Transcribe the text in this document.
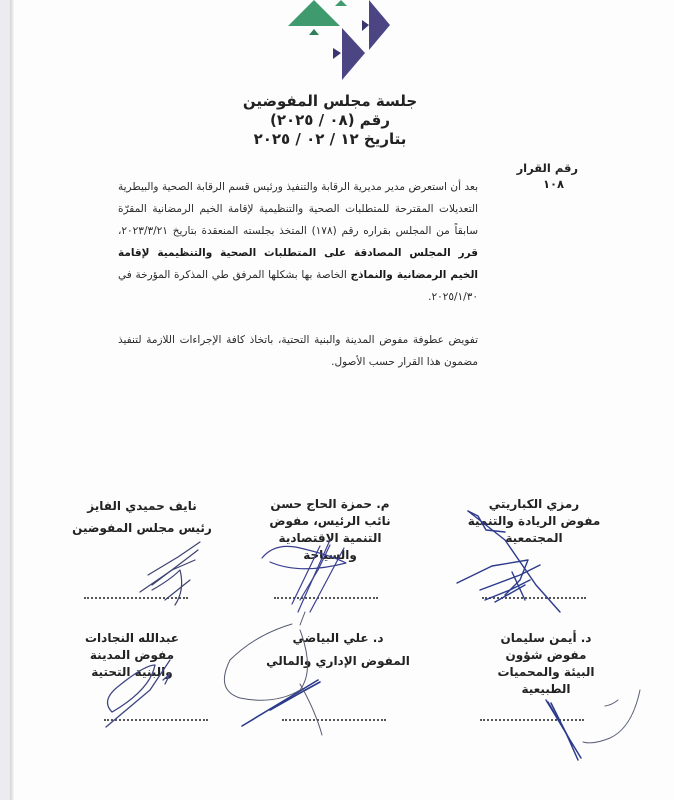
جلسة مجلس المفوضين
رقم (٠٨ / ٢٠٢٥)
بتاريخ ١٢ / ٠٢ / ٢٠٢٥
رقم القرار
١٠٨

بعد أن استعرض مدير مديرية الرقابة والتنفيذ ورئيس قسم الرقابة الصحية والبيطرية التعديلات المقترحة للمتطلبات الصحية والتنظيمية لإقامة الخيم الرمضانية المقرّة سابقاً من المجلس بقراره رقم (١٧٨) المتخذ بجلسته المنعقدة بتاريخ ٢٠٢٣/٣/٢١، قرر المجلس المصادقة على المتطلبات الصحية والتنظيمية لإقامة الخيم الرمضانية والنماذج الخاصة بها بشكلها المرفق طي المذكرة المؤرخة في ٢٠٢٥/١/٣٠.

تفويض عطوفة مفوض المدينة والبنية التحتية، باتخاذ كافة الإجراءات اللازمة لتنفيذ مضمون هذا القرار حسب الأصول.

رمزي الكباريتي
مفوض الريادة والتنمية المجتمعية
م. حمزة الحاج حسن
نائب الرئيس، مفوض التنمية الاقتصادية والسياحة
نايف حميدي الفايز
رئيس مجلس المفوضين
د. أيمن سليمان
مفوض شؤون البيئة والمحميات الطبيعية
د. علي البياضي
المفوض الإداري والمالي
عبدالله النجادات
مفوض المدينة والبنية التحتية
